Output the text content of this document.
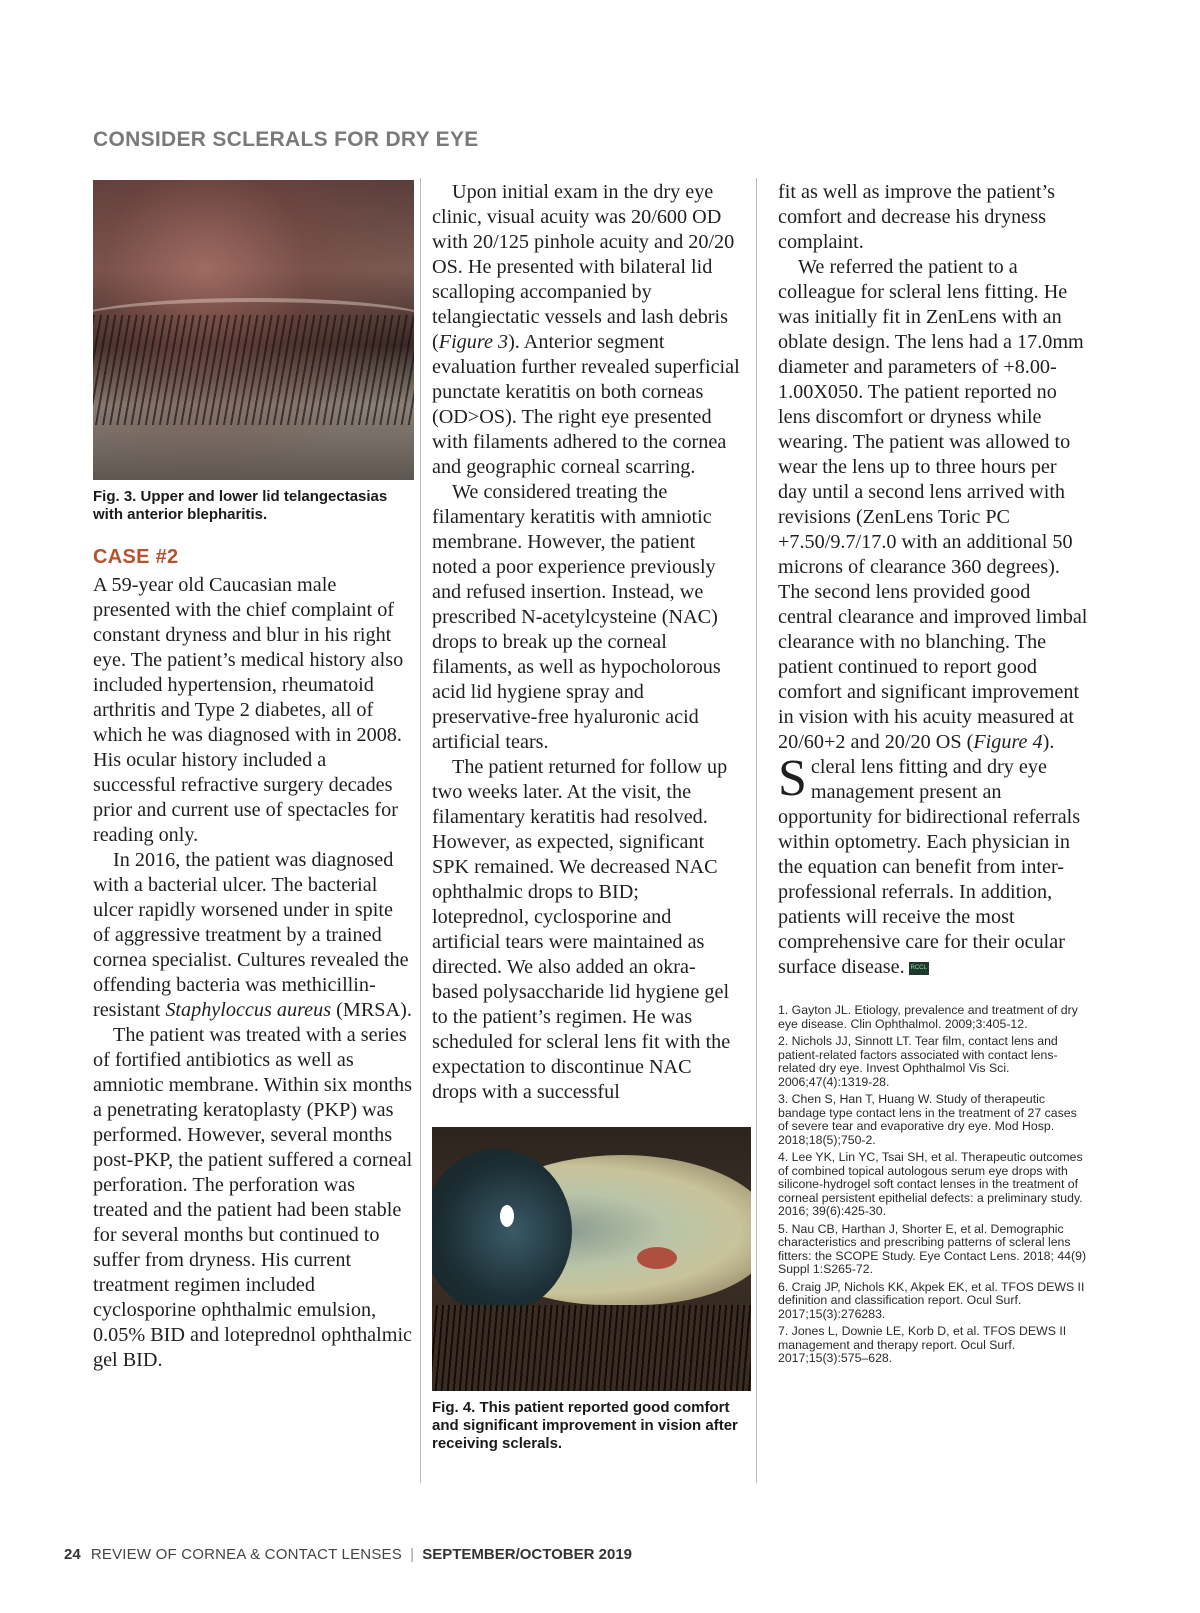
CONSIDER SCLERALS FOR DRY EYE

Fig. 3. Upper and lower lid telangectasias with anterior blepharitis.

CASE #2

A 59-year old Caucasian male presented with the chief complaint of constant dryness and blur in his right eye. The patient’s medical history also included hypertension, rheumatoid arthritis and Type 2 diabetes, all of which he was diagnosed with in 2008. His ocular history included a successful refractive surgery decades prior and current use of spectacles for reading only.

In 2016, the patient was diagnosed with a bacterial ulcer. The bacterial ulcer rapidly worsened under in spite of aggressive treatment by a trained cornea specialist. Cultures revealed the offending bacteria was methicillin-resistant Staphyloccus aureus (MRSA).

The patient was treated with a series of fortified antibiotics as well as amniotic membrane. Within six months a penetrating keratoplasty (PKP) was performed. However, several months post-PKP, the patient suffered a corneal perforation. The perforation was treated and the patient had been stable for several months but continued to suffer from dryness. His current treatment regimen included cyclosporine ophthalmic emulsion, 0.05% BID and loteprednol ophthalmic gel BID.

Upon initial exam in the dry eye clinic, visual acuity was 20/600 OD with 20/125 pinhole acuity and 20/20 OS. He presented with bilateral lid scalloping accompanied by telangiectatic vessels and lash debris (Figure 3). Anterior segment evaluation further revealed superficial punctate keratitis on both corneas (OD>OS). The right eye presented with filaments adhered to the cornea and geographic corneal scarring.

We considered treating the filamentary keratitis with amniotic membrane. However, the patient noted a poor experience previously and refused insertion. Instead, we prescribed N-acetylcysteine (NAC) drops to break up the corneal filaments, as well as hypocholorous acid lid hygiene spray and preservative-free hyaluronic acid artificial tears.

The patient returned for follow up two weeks later. At the visit, the filamentary keratitis had resolved. However, as expected, significant SPK remained. We decreased NAC ophthalmic drops to BID; loteprednol, cyclosporine and artificial tears were maintained as directed. We also added an okra-based polysaccharide lid hygiene gel to the patient’s regimen. He was scheduled for scleral lens fit with the expectation to discontinue NAC drops with a successful

Fig. 4. This patient reported good comfort and significant improvement in vision after receiving sclerals.

fit as well as improve the patient’s comfort and decrease his dryness complaint.

We referred the patient to a colleague for scleral lens fitting. He was initially fit in ZenLens with an oblate design. The lens had a 17.0mm diameter and parameters of +8.00-1.00X050. The patient reported no lens discomfort or dryness while wearing. The patient was allowed to wear the lens up to three hours per day until a second lens arrived with revisions (ZenLens Toric PC +7.50/9.7/17.0 with an additional 50 microns of clearance 360 degrees). The second lens provided good central clearance and improved limbal clearance with no blanching. The patient continued to report good comfort and significant improvement in vision with his acuity measured at 20/60+2 and 20/20 OS (Figure 4).

Scleral lens fitting and dry eye management present an opportunity for bidirectional referrals within optometry. Each physician in the equation can benefit from inter-professional referrals. In addition, patients will receive the most comprehensive care for their ocular surface disease. RCCL

1. Gayton JL. Etiology, prevalence and treatment of dry eye disease. Clin Ophthalmol. 2009;3:405-12.

2. Nichols JJ, Sinnott LT. Tear film, contact lens and patient-related factors associated with contact lens-related dry eye. Invest Ophthalmol Vis Sci. 2006;47(4):1319-28.

3. Chen S, Han T, Huang W. Study of therapeutic bandage type contact lens in the treatment of 27 cases of severe tear and evaporative dry eye. Mod Hosp. 2018;18(5);750-2.

4. Lee YK, Lin YC, Tsai SH, et al. Therapeutic outcomes of combined topical autologous serum eye drops with silicone-hydrogel soft contact lenses in the treatment of corneal persistent epithelial defects: a preliminary study. 2016; 39(6):425-30.

5. Nau CB, Harthan J, Shorter E, et al. Demographic characteristics and prescribing patterns of scleral lens fitters: the SCOPE Study. Eye Contact Lens. 2018; 44(9) Suppl 1:S265-72.

6. Craig JP, Nichols KK, Akpek EK, et al. TFOS DEWS II definition and classification report. Ocul Surf. 2017;15(3):276283.

7. Jones L, Downie LE, Korb D, et al. TFOS DEWS II management and therapy report. Ocul Surf. 2017;15(3):575–628.

24 REVIEW OF CORNEA & CONTACT LENSES | SEPTEMBER/OCTOBER 2019
